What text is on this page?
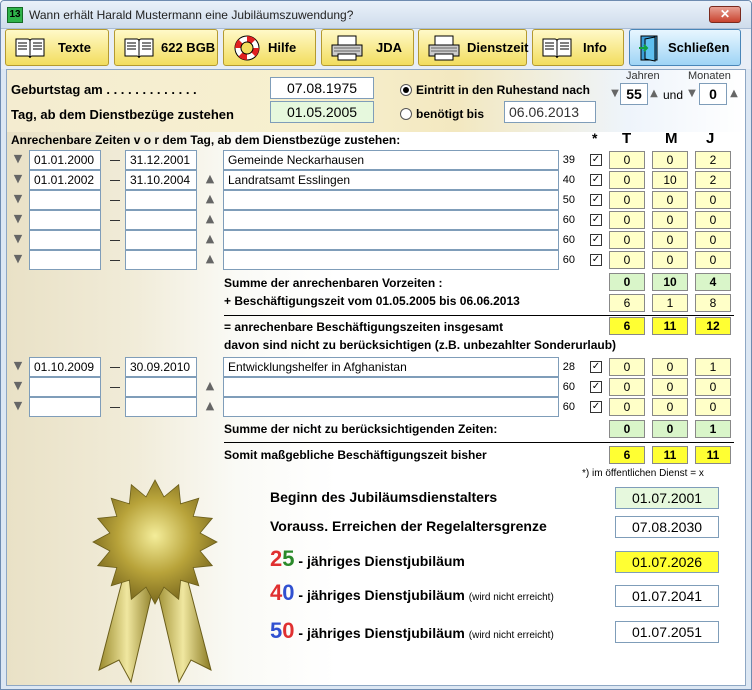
13 Wann erhält Harald Mustermann eine Jubiläumszuwendung?	✕
Texte	622 BGB	Hilfe	JDA	Dienstzeit	Info	Schließen
Geburtstag am . . . . . . . . . . . . .	07.08.1975
Tag, ab dem Dienstbezüge zustehen	01.05.2005
Eintritt in den Ruhestand nach
benötigt bis	06.06.2013
Jahren	Monaten
▼ 55 ▲ und ▼ 0	▲
Anrechenbare Zeiten v o r dem Tag, ab dem Dienstbezüge zustehen:	* T M J
▼ 01.01.2000	31.12.2001	Gemeinde Neckarhausen	39 ✓	0	0	2
▼ 01.01.2002	31.10.2004	▲	Landratsamt Esslingen	40 ✓	0	10	2
▼	▲	50 ✓	0	0	0
▼	▲	60 ✓	0	0	0
▼	▲	60 ✓	0	0	0
▼	▲	60 ✓	0	0	0
Summe der anrechenbaren Vorzeiten :	0	10	4
+ Beschäftigungszeit vom 01.05.2005 bis 06.06.2013	6	1	8
= anrechenbare Beschäftigungszeiten insgesamt	6	11	12
davon sind nicht zu berücksichtigen (z.B. unbezahlter Sonderurlaub)
▼ 01.10.2009	30.09.2010	Entwicklungshelfer in Afghanistan	28 ✓	0	0	1
▼	▲	60 ✓	0	0	0
▼	▲	60 ✓	0	0	0
Summe der nicht zu berücksichtigenden Zeiten:	0	0	1
Somit maßgebliche Beschäftigungszeit bisher	6	11	11
*) im öffentlichen Dienst = x
Beginn des Jubiläumsdienstalters	01.07.2001
Vorauss. Erreichen der Regelaltersgrenze	07.08.2030
25 - jähriges Dienstjubiläum	01.07.2026
40 - jähriges Dienstjubiläum (wird nicht erreicht)	01.07.2041
50 - jähriges Dienstjubiläum (wird nicht erreicht)	01.07.2051
